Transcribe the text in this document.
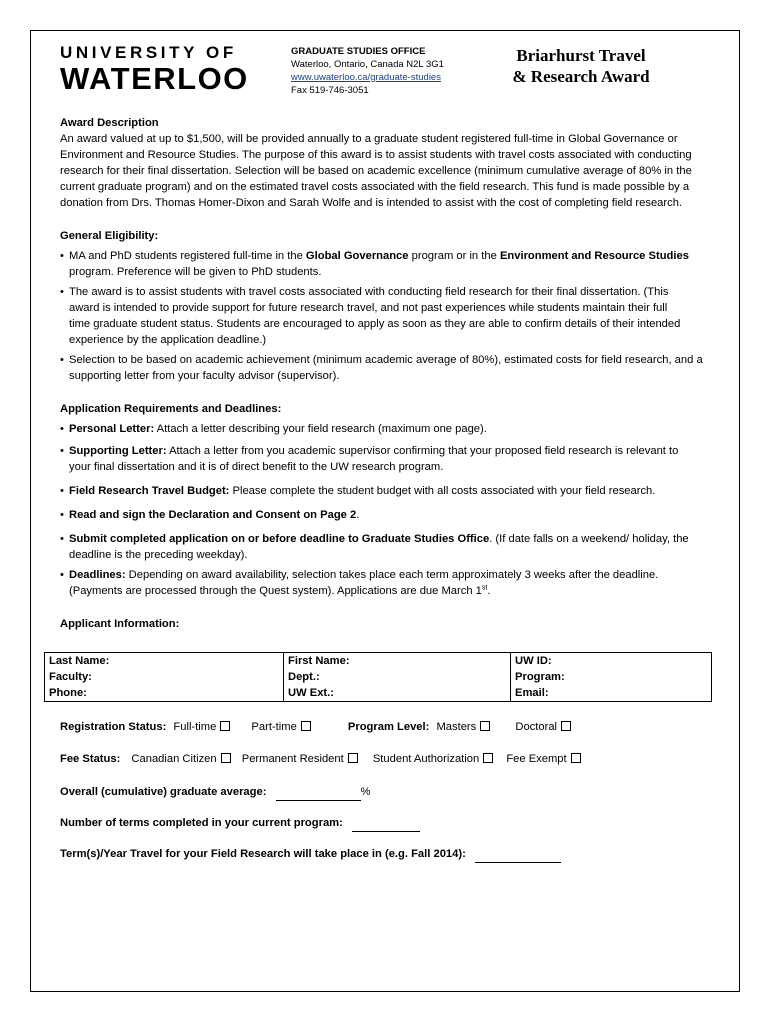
UNIVERSITY OF
WATERLOO
GRADUATE STUDIES OFFICE
Waterloo, Ontario, Canada N2L 3G1
www.uwaterloo.ca/graduate-studies
Fax 519-746-3051
Briarhurst Travel
& Research Award
Award Description
An award valued at up to $1,500, will be provided annually to a graduate student registered full-time in Global Governance or
Environment and Resource Studies. The purpose of this award is to assist students with travel costs associated with conducting
research for their final dissertation. Selection will be based on academic excellence (minimum cumulative average of 80% in the
current graduate program) and on the estimated travel costs associated with the field research. This fund is made possible by a
donation from Drs. Thomas Homer-Dixon and Sarah Wolfe and is intended to assist with the cost of completing field research.
General Eligibility:
• MA and PhD students registered full-time in the Global Governance program or in the Environment and Resource Studies
program. Preference will be given to PhD students.
• The award is to assist students with travel costs associated with conducting field research for their final dissertation. (This
award is intended to provide support for future research travel, and not past experiences while students maintain their full
time graduate student status. Students are encouraged to apply as soon as they are able to confirm details of their intended
experience by the application deadline.)
• Selection to be based on academic achievement (minimum academic average of 80%), estimated costs for field research, and a
supporting letter from your faculty advisor (supervisor).
Application Requirements and Deadlines:
• Personal Letter: Attach a letter describing your field research (maximum one page).
• Supporting Letter: Attach a letter from you academic supervisor confirming that your proposed field research is relevant to
your final dissertation and it is of direct benefit to the UW research program.
• Field Research Travel Budget: Please complete the student budget with all costs associated with your field research.
• Read and sign the Declaration and Consent on Page 2.
• Submit completed application on or before deadline to Graduate Studies Office. (If date falls on a weekend/ holiday, the
deadline is the preceding weekday).
• Deadlines: Depending on award availability, selection takes place each term approximately 3 weeks after the deadline.
(Payments are processed through the Quest system). Applications are due March 1st.
Applicant Information:
Last Name:	First Name:	UW ID:
Faculty:	Dept.:	Program:
Phone:	UW Ext.:	Email:
Registration Status: Full-time	Part-time	Program Level: Masters	Doctoral
Fee Status: Canadian Citizen Permanent Resident	Student Authorization Fee Exempt
Overall (cumulative) graduate average:	%
Number of terms completed in your current program:
Term(s)/Year Travel for your Field Research will take place in (e.g. Fall 2014):
